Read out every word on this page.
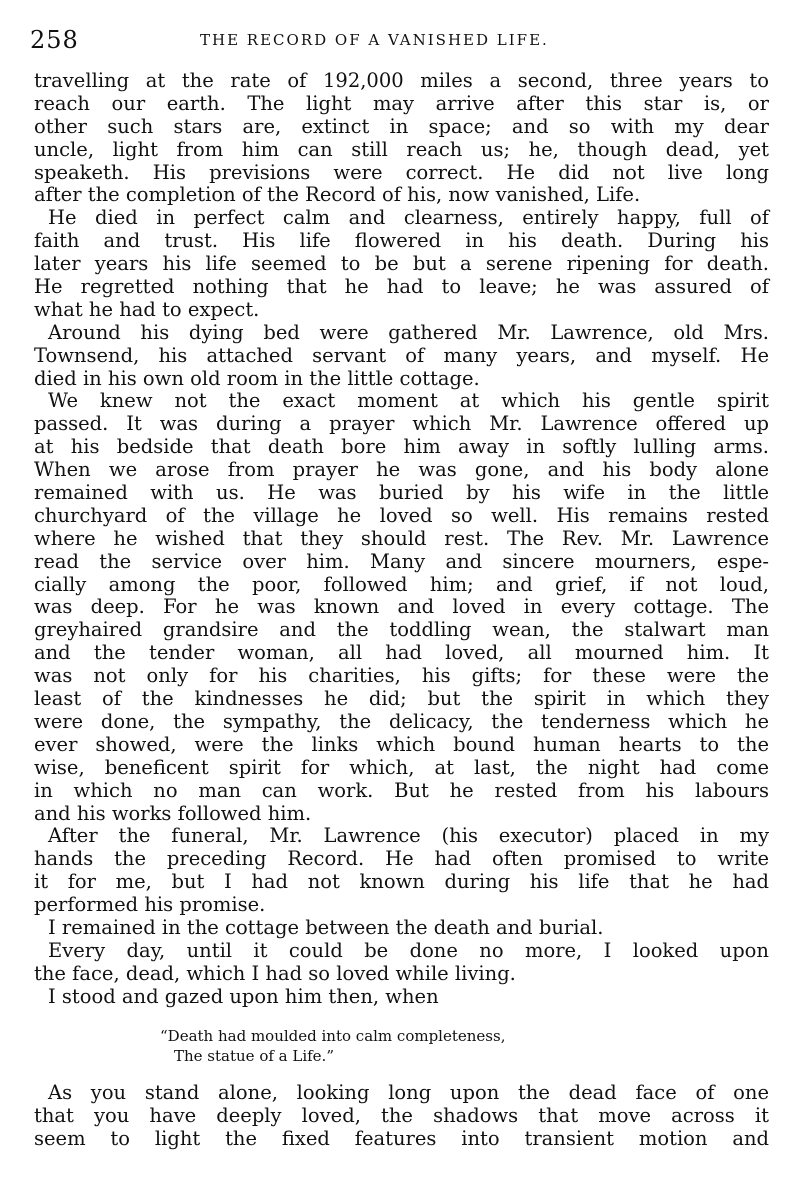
258	THE RECORD OF A VANISHED LIFE.
travelling at the rate of 192,000 miles a second, three years to
reach our earth. The light may arrive after this star is, or
other such stars are, extinct in space; and so with my dear
uncle, light from him can still reach us; he, though dead, yet
speaketh. His previsions were correct. He did not live long
after the completion of the Record of his, now vanished, Life.
He died in perfect calm and clearness, entirely happy, full of
faith and trust. His life flowered in his death. During his
later years his life seemed to be but a serene ripening for death.
He regretted nothing that he had to leave; he was assured of
what he had to expect.
Around his dying bed were gathered Mr. Lawrence, old Mrs.
Townsend, his attached servant of many years, and myself. He
died in his own old room in the little cottage.
We knew not the exact moment at which his gentle spirit
passed. It was during a prayer which Mr. Lawrence offered up
at his bedside that death bore him away in softly lulling arms.
When we arose from prayer he was gone, and his body alone
remained with us. He was buried by his wife in the little
churchyard of the village he loved so well. His remains rested
where he wished that they should rest. The Rev. Mr. Lawrence
read the service over him. Many and sincere mourners, espe-
cially among the poor, followed him; and grief, if not loud,
was deep. For he was known and loved in every cottage. The
greyhaired grandsire and the toddling wean, the stalwart man
and the tender woman, all had loved, all mourned him. It
was not only for his charities, his gifts; for these were the
least of the kindnesses he did; but the spirit in which they
were done, the sympathy, the delicacy, the tenderness which he
ever showed, were the links which bound human hearts to the
wise, beneficent spirit for which, at last, the night had come
in which no man can work. But he rested from his labours
and his works followed him.
After the funeral, Mr. Lawrence (his executor) placed in my
hands the preceding Record. He had often promised to write
it for me, but I had not known during his life that he had
performed his promise.
I remained in the cottage between the death and burial.
Every day, until it could be done no more, I looked upon
the face, dead, which I had so loved while living.
I stood and gazed upon him then, when
“Death had moulded into calm completeness,
The statue of a Life.”
As you stand alone, looking long upon the dead face of one
that you have deeply loved, the shadows that move across it
seem to light the fixed features into transient motion and
